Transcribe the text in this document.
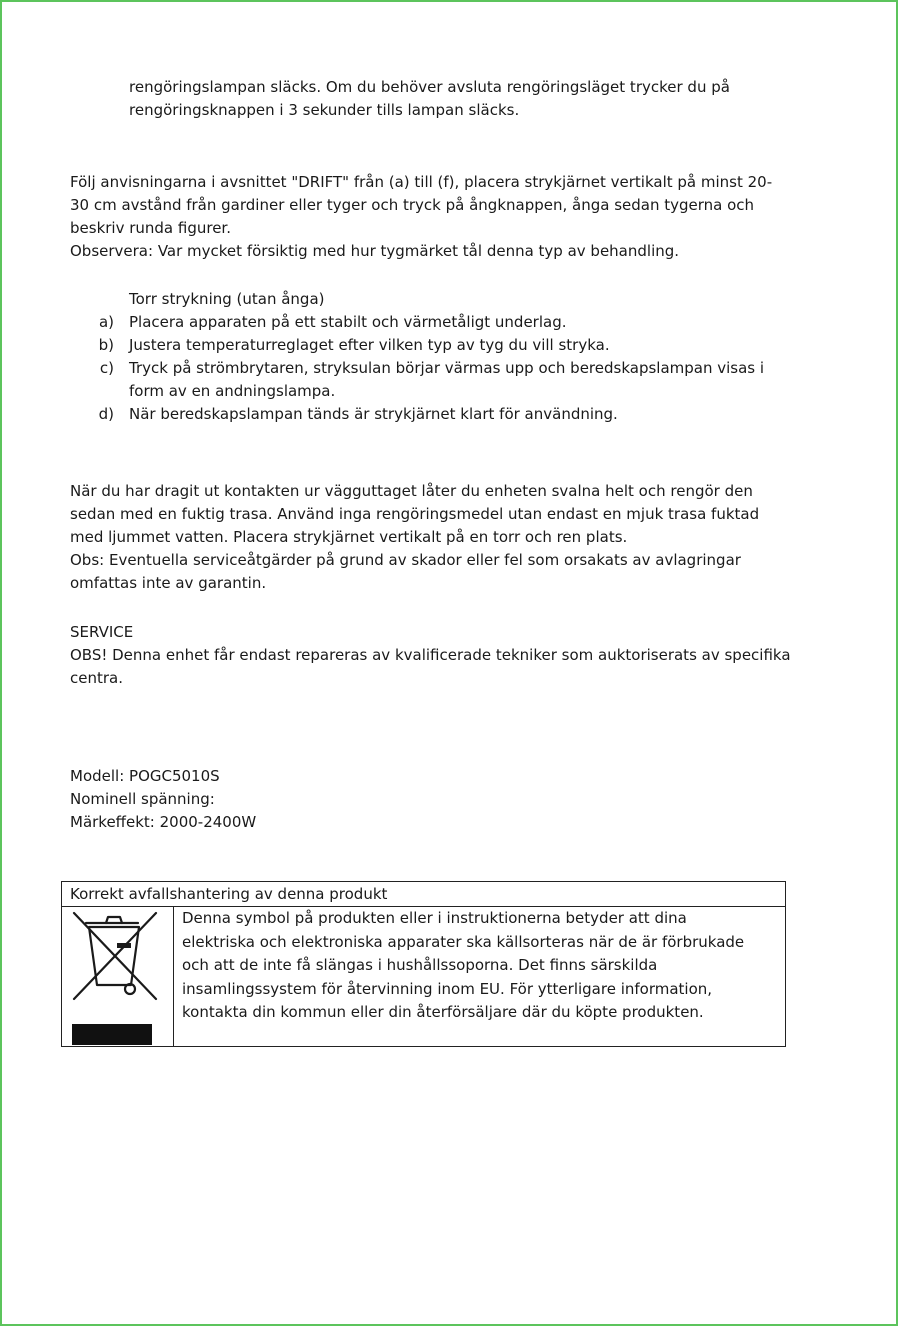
rengöringslampan släcks. Om du behöver avsluta rengöringsläget trycker du på
rengöringsknappen i 3 sekunder tills lampan släcks.
Följ anvisningarna i avsnittet "DRIFT" från (a) till (f), placera strykjärnet vertikalt på minst 20-
30 cm avstånd från gardiner eller tyger och tryck på ångknappen, ånga sedan tygerna och
beskriv runda figurer.
Observera: Var mycket försiktig med hur tygmärket tål denna typ av behandling.
Torr strykning (utan ånga)
a) Placera apparaten på ett stabilt och värmetåligt underlag.
b) Justera temperaturreglaget efter vilken typ av tyg du vill stryka.
c) Tryck på strömbrytaren, stryksulan börjar värmas upp och beredskapslampan visas i
form av en andningslampa.
d) När beredskapslampan tänds är strykjärnet klart för användning.
När du har dragit ut kontakten ur vägguttaget låter du enheten svalna helt och rengör den
sedan med en fuktig trasa. Använd inga rengöringsmedel utan endast en mjuk trasa fuktad
med ljummet vatten. Placera strykjärnet vertikalt på en torr och ren plats.
Obs: Eventuella serviceåtgärder på grund av skador eller fel som orsakats av avlagringar
omfattas inte av garantin.
SERVICE
OBS! Denna enhet får endast repareras av kvalificerade tekniker som auktoriserats av specifika
centra.
Modell: POGC5010S
Nominell spänning:
Märkeffekt: 2000-2400W
Korrekt avfallshantering av denna produkt
Denna symbol på produkten eller i instruktionerna betyder att dina
elektriska och elektroniska apparater ska källsorteras när de är förbrukade
och att de inte få slängas i hushållssoporna. Det finns särskilda
insamlingssystem för återvinning inom EU. För ytterligare information,
kontakta din kommun eller din återförsäljare där du köpte produkten.
